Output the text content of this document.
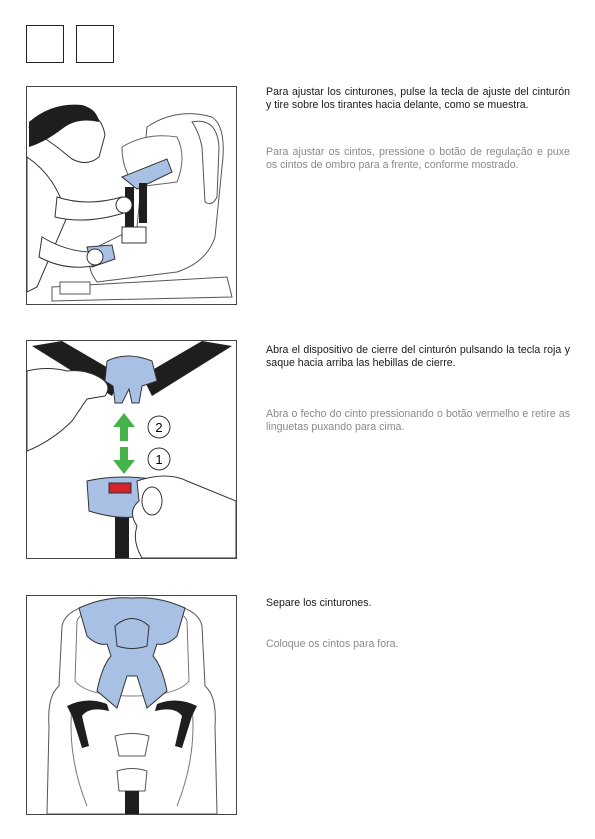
Para ajustar los cinturones, pulse la tecla de ajuste del cinturón y tire sobre los tirantes hacia delante, como se muestra.
Para ajustar os cintos, pressione o botão de regulação e puxe os cintos de ombro para a frente, conforme mostrado.
2
1
Abra el dispositivo de cierre del cinturón pulsando la tecla roja y saque hacia arriba las hebillas de cierre.
Abra o fecho do cinto pressionando o botão vermelho e retire as linguetas puxando para cima.
Separe los cinturones.
Coloque os cintos para fora.
